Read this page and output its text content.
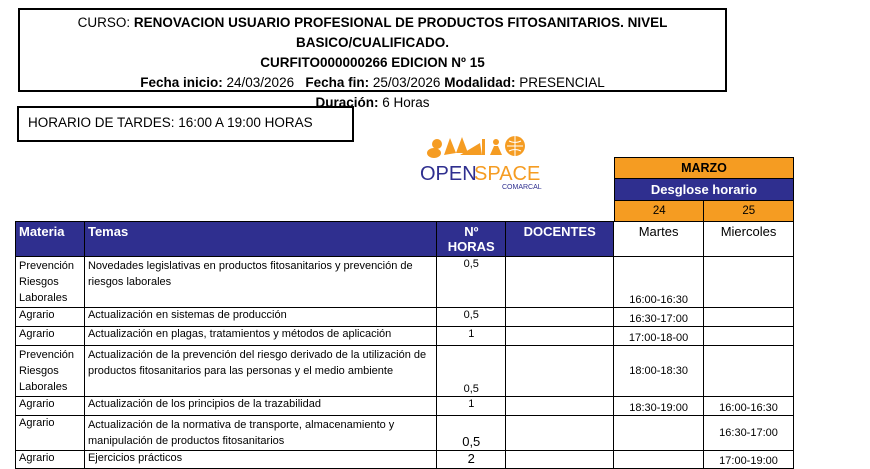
CURSO: RENOVACION USUARIO PROFESIONAL DE PRODUCTOS FITOSANITARIOS. NIVEL BASICO/CUALIFICADO.
CURFITO000000266 EDICION Nº 15
Fecha inicio: 24/03/2026 Fecha fin: 25/03/2026 Modalidad: PRESENCIAL
Duración: 6 Horas
HORARIO DE TARDES: 16:00 A 19:00 HORAS
OPEN
SPACE
COMARCAL
MARZO
Desglose horario
24	25
Materia	Temas	Nº HORAS	DOCENTES	Martes	Miercoles
Prevención Riesgos Laborales	Novedades legislativas en productos fitosanitarios y prevención de riesgos laborales	0,5		16:00-16:30	
Agrario	Actualización en sistemas de producción	0,5		16:30-17:00	
Agrario	Actualización en plagas, tratamientos y métodos de aplicación	1		17:00-18-00	
Prevención Riesgos Laborales	Actualización de la prevención del riesgo derivado de la utilización de productos fitosanitarios para las personas y el medio ambiente	0,5		18:00-18:30	
Agrario	Actualización de los principios de la trazabilidad	1		18:30-19:00	16:00-16:30
Agrario	Actualización de la normativa de transporte, almacenamiento y manipulación de productos fitosanitarios	0,5			16:30-17:00
Agrario	Ejercicios prácticos	2			17:00-19:00
